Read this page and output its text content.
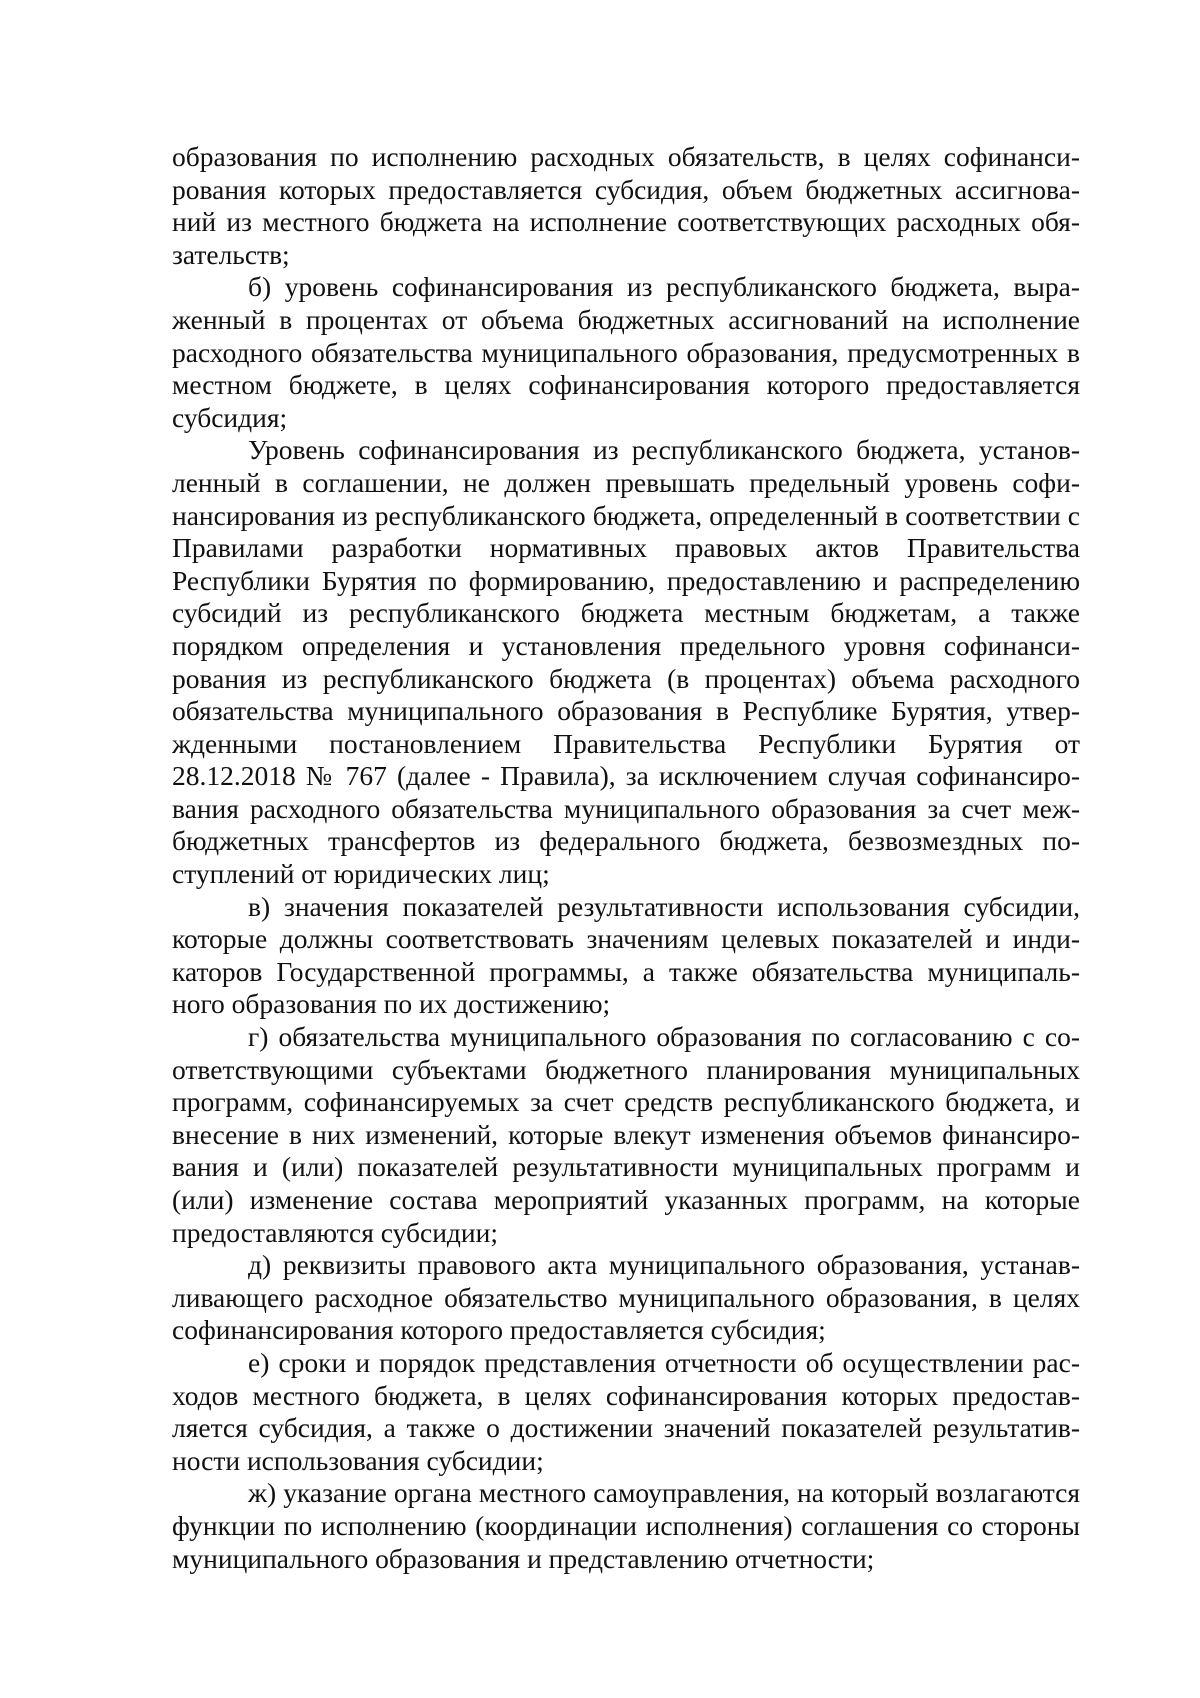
образования по исполнению расходных обязательств, в целях софинансирования которых предоставляется субсидия, объем бюджетных ассигнований из местного бюджета на исполнение соответствующих расходных обязательств;

б) уровень софинансирования из республиканского бюджета, выраженный в процентах от объема бюджетных ассигнований на исполнение расходного обязательства муниципального образования, предусмотренных в местном бюджете, в целях софинансирования которого предоставляется субсидия;

Уровень софинансирования из республиканского бюджета, установленный в соглашении, не должен превышать предельный уровень софинансирования из республиканского бюджета, определенный в соответствии с Правилами разработки нормативных правовых актов Правительства Республики Бурятия по формированию, предоставлению и распределению субсидий из республиканского бюджета местным бюджетам, а также порядком определения и установления предельного уровня софинансирования из республиканского бюджета (в процентах) объема расходного обязательства муниципального образования в Республике Бурятия, утвержденными постановлением Правительства Республики Бурятия от 28.12.2018 № 767 (далее - Правила), за исключением случая софинансирования расходного обязательства муниципального образования за счет межбюджетных трансфертов из федерального бюджета, безвозмездных поступлений от юридических лиц;

в) значения показателей результативности использования субсидии, которые должны соответствовать значениям целевых показателей и индикаторов Государственной программы, а также обязательства муниципального образования по их достижению;

г) обязательства муниципального образования по согласованию с соответствующими субъектами бюджетного планирования муниципальных программ, софинансируемых за счет средств республиканского бюджета, и внесение в них изменений, которые влекут изменения объемов финансирования и (или) показателей результативности муниципальных программ и (или) изменение состава мероприятий указанных программ, на которые предоставляются субсидии;

д) реквизиты правового акта муниципального образования, устанавливающего расходное обязательство муниципального образования, в целях софинансирования которого предоставляется субсидия;

е) сроки и порядок представления отчетности об осуществлении расходов местного бюджета, в целях софинансирования которых предоставляется субсидия, а также о достижении значений показателей результативности использования субсидии;

ж) указание органа местного самоуправления, на который возлагаются функции по исполнению (координации исполнения) соглашения со стороны муниципального образования и представлению отчетности;
